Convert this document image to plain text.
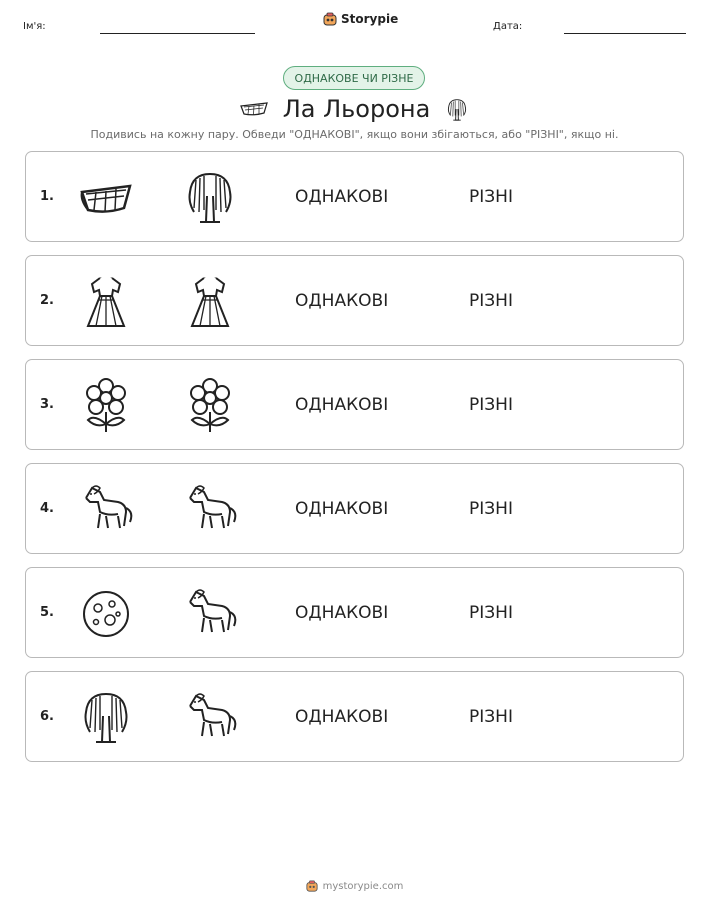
Ім'я:
Storypie
Дата:
ОДНАКОВЕ ЧИ РІЗНЕ
Ла Льорона
Подивись на кожну пару. Обведи "ОДНАКОВІ", якщо вони збігаються, або "РІЗНІ", якщо ні.
1.	ОДНАКОВІ	РІЗНІ
2.	ОДНАКОВІ	РІЗНІ
3.	ОДНАКОВІ	РІЗНІ
4.	ОДНАКОВІ	РІЗНІ
5.	ОДНАКОВІ	РІЗНІ
6.	ОДНАКОВІ	РІЗНІ
mystorypie.com
